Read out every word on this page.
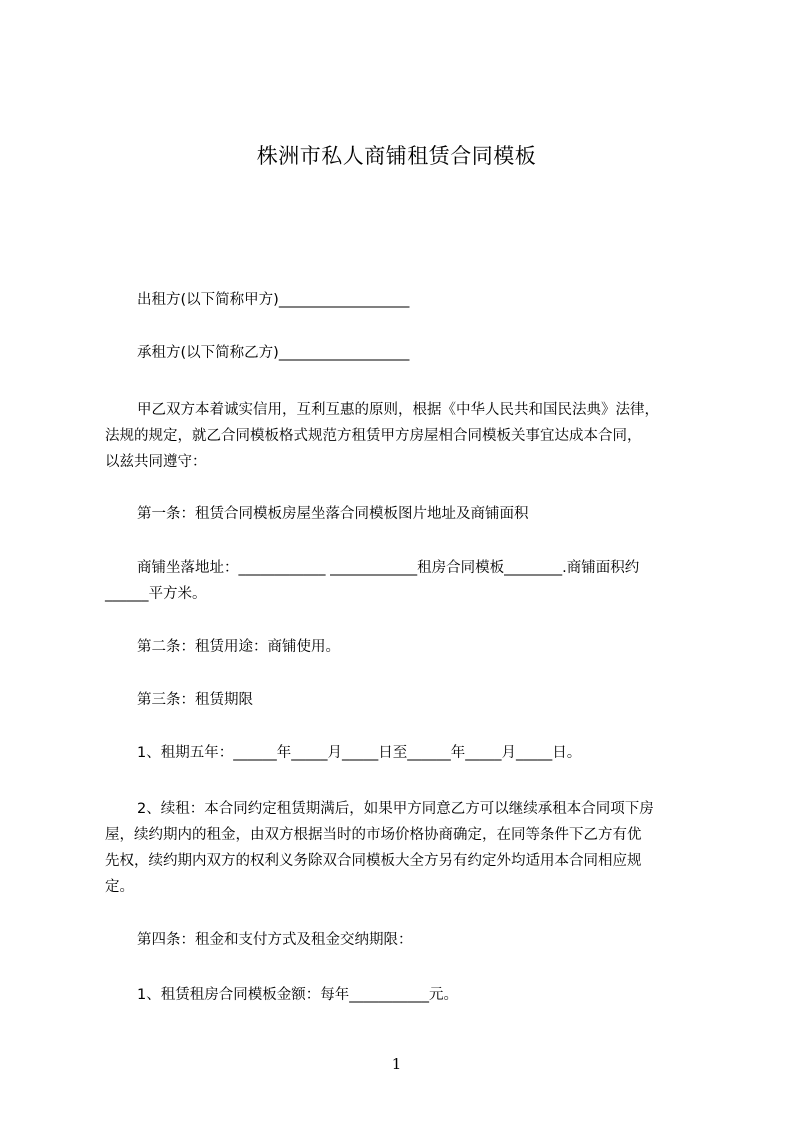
株洲市私人商铺租赁合同模板
出租方(以下简称甲方)__________________
承租方(以下简称乙方)__________________
甲乙双方本着诚实信用，互利互惠的原则，根据《中华人民共和国民法典》法律，
法规的规定，就乙合同模板格式规范方租赁甲方房屋相合同模板关事宜达成本合同，
以兹共同遵守：
第一条：租赁合同模板房屋坐落合同模板图片地址及商铺面积
商铺坐落地址：____________ ____________租房合同模板________.商铺面积约
______平方米。
第二条：租赁用途：商铺使用。
第三条：租赁期限
1、租期五年：______年_____月_____日至______年_____月_____日。
2、续租：本合同约定租赁期满后，如果甲方同意乙方可以继续承租本合同项下房
屋，续约期内的租金，由双方根据当时的市场价格协商确定，在同等条件下乙方有优
先权，续约期内双方的权利义务除双合同模板大全方另有约定外均适用本合同相应规
定。
第四条：租金和支付方式及租金交纳期限：
1、租赁租房合同模板金额：每年___________元。
1
